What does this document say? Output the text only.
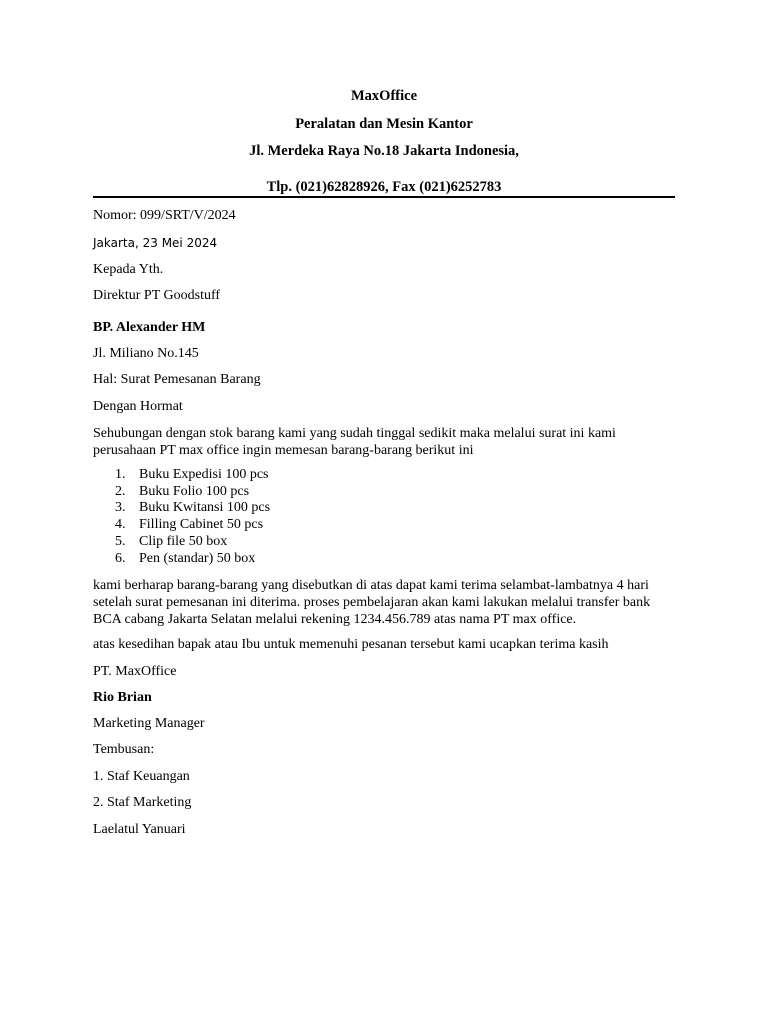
MaxOffice
Peralatan dan Mesin Kantor
Jl. Merdeka Raya No.18 Jakarta Indonesia,
Tlp. (021)62828926, Fax (021)6252783

Nomor: 099/SRT/V/2024

Jakarta, 23 Mei 2024

Kepada Yth.

Direktur PT Goodstuff

BP. Alexander HM

Jl. Miliano No.145

Hal: Surat Pemesanan Barang

Dengan Hormat

Sehubungan dengan stok barang kami yang sudah tinggal sedikit maka melalui surat ini kami perusahaan PT max office ingin memesan barang-barang berikut ini

1. Buku Expedisi 100 pcs
2. Buku Folio 100 pcs
3. Buku Kwitansi 100 pcs
4. Filling Cabinet 50 pcs
5. Clip file 50 box
6. Pen (standar) 50 box

kami berharap barang-barang yang disebutkan di atas dapat kami terima selambat-lambatnya 4 hari setelah surat pemesanan ini diterima. proses pembelajaran akan kami lakukan melalui transfer bank BCA cabang Jakarta Selatan melalui rekening 1234.456.789 atas nama PT max office.

atas kesedihan bapak atau Ibu untuk memenuhi pesanan tersebut kami ucapkan terima kasih

PT. MaxOffice

Rio Brian

Marketing Manager

Tembusan:

1. Staf Keuangan

2. Staf Marketing

Laelatul Yanuari
